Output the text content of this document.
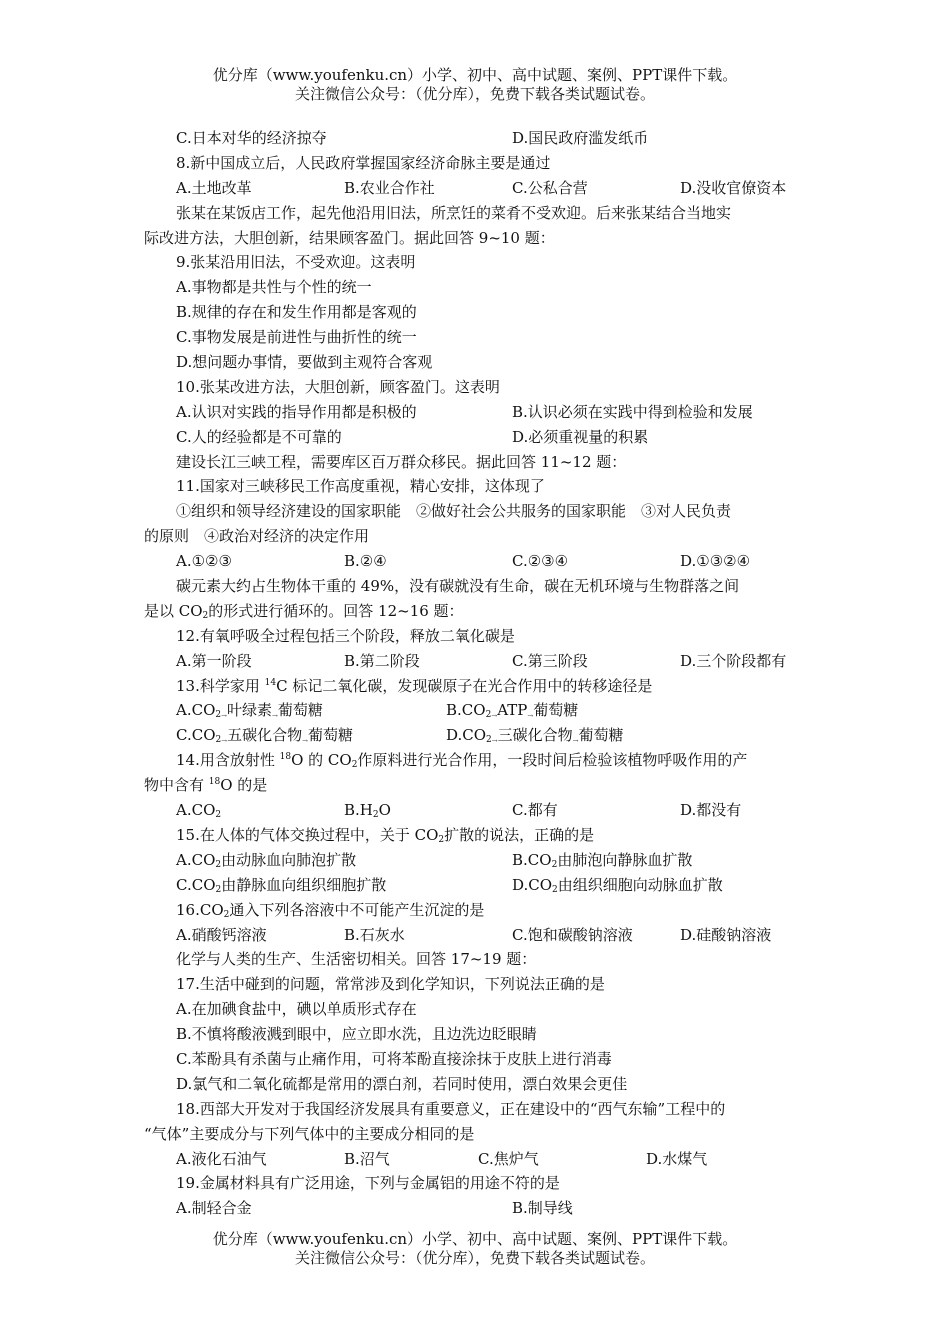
优分库（www.youfenku.cn）小学、初中、高中试题、案例、PPT课件下载。
关注微信公众号：（优分库），免费下载各类试题试卷。
C.日本对华的经济掠夺	D.国民政府滥发纸币
8.新中国成立后，人民政府掌握国家经济命脉主要是通过
A.土地改革	B.农业合作社	C.公私合营	D.没收官僚资本
张某在某饭店工作，起先他沿用旧法，所烹饪的菜肴不受欢迎。后来张某结合当地实
际改进方法，大胆创新，结果顾客盈门。据此回答 9~10 题：
9.张某沿用旧法，不受欢迎。这表明
A.事物都是共性与个性的统一
B.规律的存在和发生作用都是客观的
C.事物发展是前进性与曲折性的统一
D.想问题办事情，要做到主观符合客观
10.张某改进方法，大胆创新，顾客盈门。这表明
A.认识对实践的指导作用都是积极的	B.认识必须在实践中得到检验和发展
C.人的经验都是不可靠的	D.必须重视量的积累
建设长江三峡工程，需要库区百万群众移民。据此回答 11~12 题：
11.国家对三峡移民工作高度重视，精心安排，这体现了
①组织和领导经济建设的国家职能　②做好社会公共服务的国家职能　③对人民负责
的原则　④政治对经济的决定作用
A.①②③	B.②④	C.②③④	D.①③②④
碳元素大约占生物体干重的 49%，没有碳就没有生命，碳在无机环境与生物群落之间
是以 $CO_2$的形式进行循环的。回答 12~16 题：
12.有氧呼吸全过程包括三个阶段，释放二氧化碳是
A.第一阶段	B.第二阶段	C.第三阶段	D.三个阶段都有
13.科学家用 $^{14}$C 标记二氧化碳，发现碳原子在光合作用中的转移途径是
$A.CO_{2\to}$叶绿素$_\to$葡萄糖	$B.CO_{2\to}ATP_\to$葡萄糖
$C.CO_{2\to}$五碳化合物$_\to$葡萄糖	$D.CO_{2\to}$三碳化合物$_\to$葡萄糖
14.用含放射性 $^{18}$O 的 $CO_2$作原料进行光合作用，一段时间后检验该植物呼吸作用的产
物中含有 $^{18}$O 的是
$A.CO_2$	$B.H_2O$	C.都有	D.都没有
15.在人体的气体交换过程中，关于 $CO_2$扩散的说法，正确的是
$A.CO_2$由动脉血向肺泡扩散	$B.CO_2$由肺泡向静脉血扩散
$C.CO_2$由静脉血向组织细胞扩散	$D.CO_2$由组织细胞向动脉血扩散
$16.CO_2$通入下列各溶液中不可能产生沉淀的是
A.硝酸钙溶液	B.石灰水	C.饱和碳酸钠溶液	D.硅酸钠溶液
化学与人类的生产、生活密切相关。回答 17~19 题：
17.生活中碰到的问题，常常涉及到化学知识，下列说法正确的是
A.在加碘食盐中，碘以单质形式存在
B.不慎将酸液溅到眼中，应立即水洗，且边洗边眨眼睛
C.苯酚具有杀菌与止痛作用，可将苯酚直接涂抹于皮肤上进行消毒
D.氯气和二氧化硫都是常用的漂白剂，若同时使用，漂白效果会更佳
18.西部大开发对于我国经济发展具有重要意义，正在建设中的“西气东输”工程中的
“气体”主要成分与下列气体中的主要成分相同的是
A.液化石油气	B.沼气	C.焦炉气	D.水煤气
19.金属材料具有广泛用途，下列与金属铝的用途不符的是
A.制轻合金	B.制导线
优分库（www.youfenku.cn）小学、初中、高中试题、案例、PPT课件下载。
关注微信公众号：（优分库），免费下载各类试题试卷。
